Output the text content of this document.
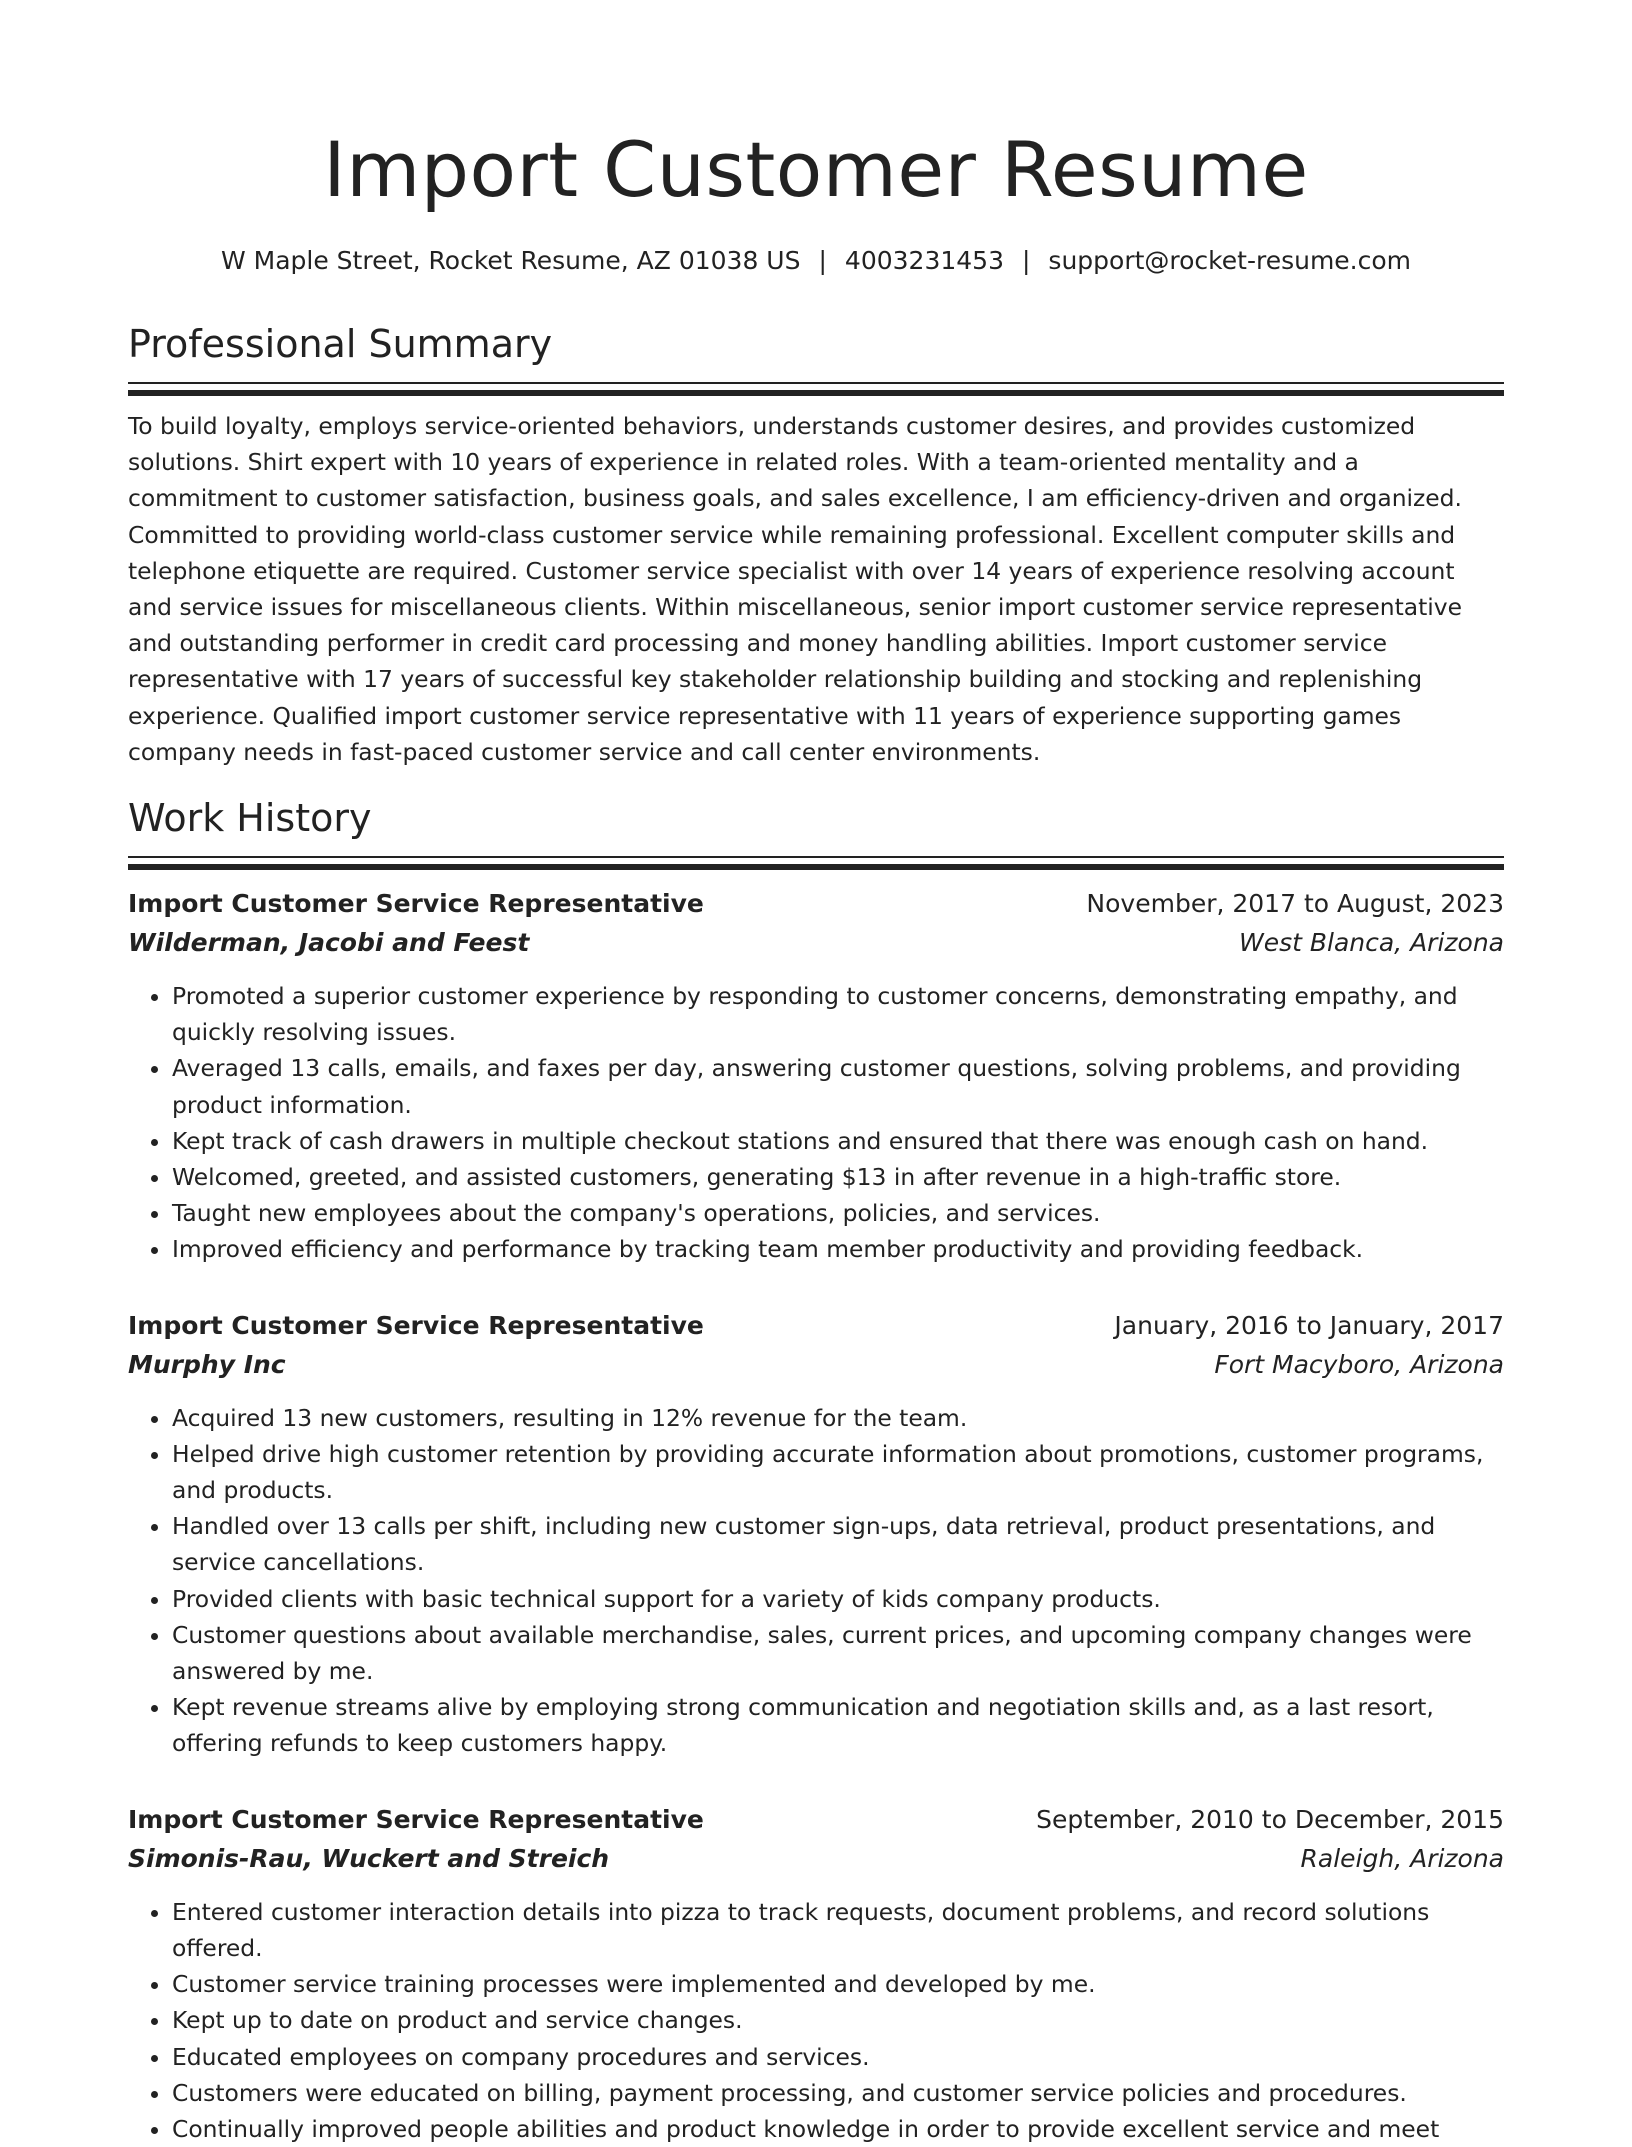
Import Customer Resume
W Maple Street, Rocket Resume, AZ 01038 US | 4003231453 | support@rocket-resume.com
Professional Summary

To build loyalty, employs service-oriented behaviors, understands customer desires, and provides customized solutions. Shirt expert with 10 years of experience in related roles. With a team-oriented mentality and a commitment to customer satisfaction, business goals, and sales excellence, I am efficiency-driven and organized. Committed to providing world-class customer service while remaining professional. Excellent computer skills and telephone etiquette are required. Customer service specialist with over 14 years of experience resolving account and service issues for miscellaneous clients. Within miscellaneous, senior import customer service representative and outstanding performer in credit card processing and money handling abilities. Import customer service representative with 17 years of successful key stakeholder relationship building and stocking and replenishing experience. Qualified import customer service representative with 11 years of experience supporting games company needs in fast-paced customer service and call center environments.

Work History
Import Customer Service Representative	November, 2017 to August, 2023
Wilderman, Jacobi and Feest	West Blanca, Arizona
• Promoted a superior customer experience by responding to customer concerns, demonstrating empathy, and quickly resolving issues.
• Averaged 13 calls, emails, and faxes per day, answering customer questions, solving problems, and providing product information.
• Kept track of cash drawers in multiple checkout stations and ensured that there was enough cash on hand.
• Welcomed, greeted, and assisted customers, generating $13 in after revenue in a high-traffic store.
• Taught new employees about the company's operations, policies, and services.
• Improved efficiency and performance by tracking team member productivity and providing feedback.
Import Customer Service Representative	January, 2016 to January, 2017
Murphy Inc	Fort Macyboro, Arizona
• Acquired 13 new customers, resulting in 12% revenue for the team.
• Helped drive high customer retention by providing accurate information about promotions, customer programs, and products.
• Handled over 13 calls per shift, including new customer sign-ups, data retrieval, product presentations, and service cancellations.
• Provided clients with basic technical support for a variety of kids company products.
• Customer questions about available merchandise, sales, current prices, and upcoming company changes were answered by me.
• Kept revenue streams alive by employing strong communication and negotiation skills and, as a last resort, offering refunds to keep customers happy.
Import Customer Service Representative	September, 2010 to December, 2015
Simonis-Rau, Wuckert and Streich	Raleigh, Arizona
• Entered customer interaction details into pizza to track requests, document problems, and record solutions offered.
• Customer service training processes were implemented and developed by me.
• Kept up to date on product and service changes.
• Educated employees on company procedures and services.
• Customers were educated on billing, payment processing, and customer service policies and procedures.
• Continually improved people abilities and product knowledge in order to provide excellent service and meet
